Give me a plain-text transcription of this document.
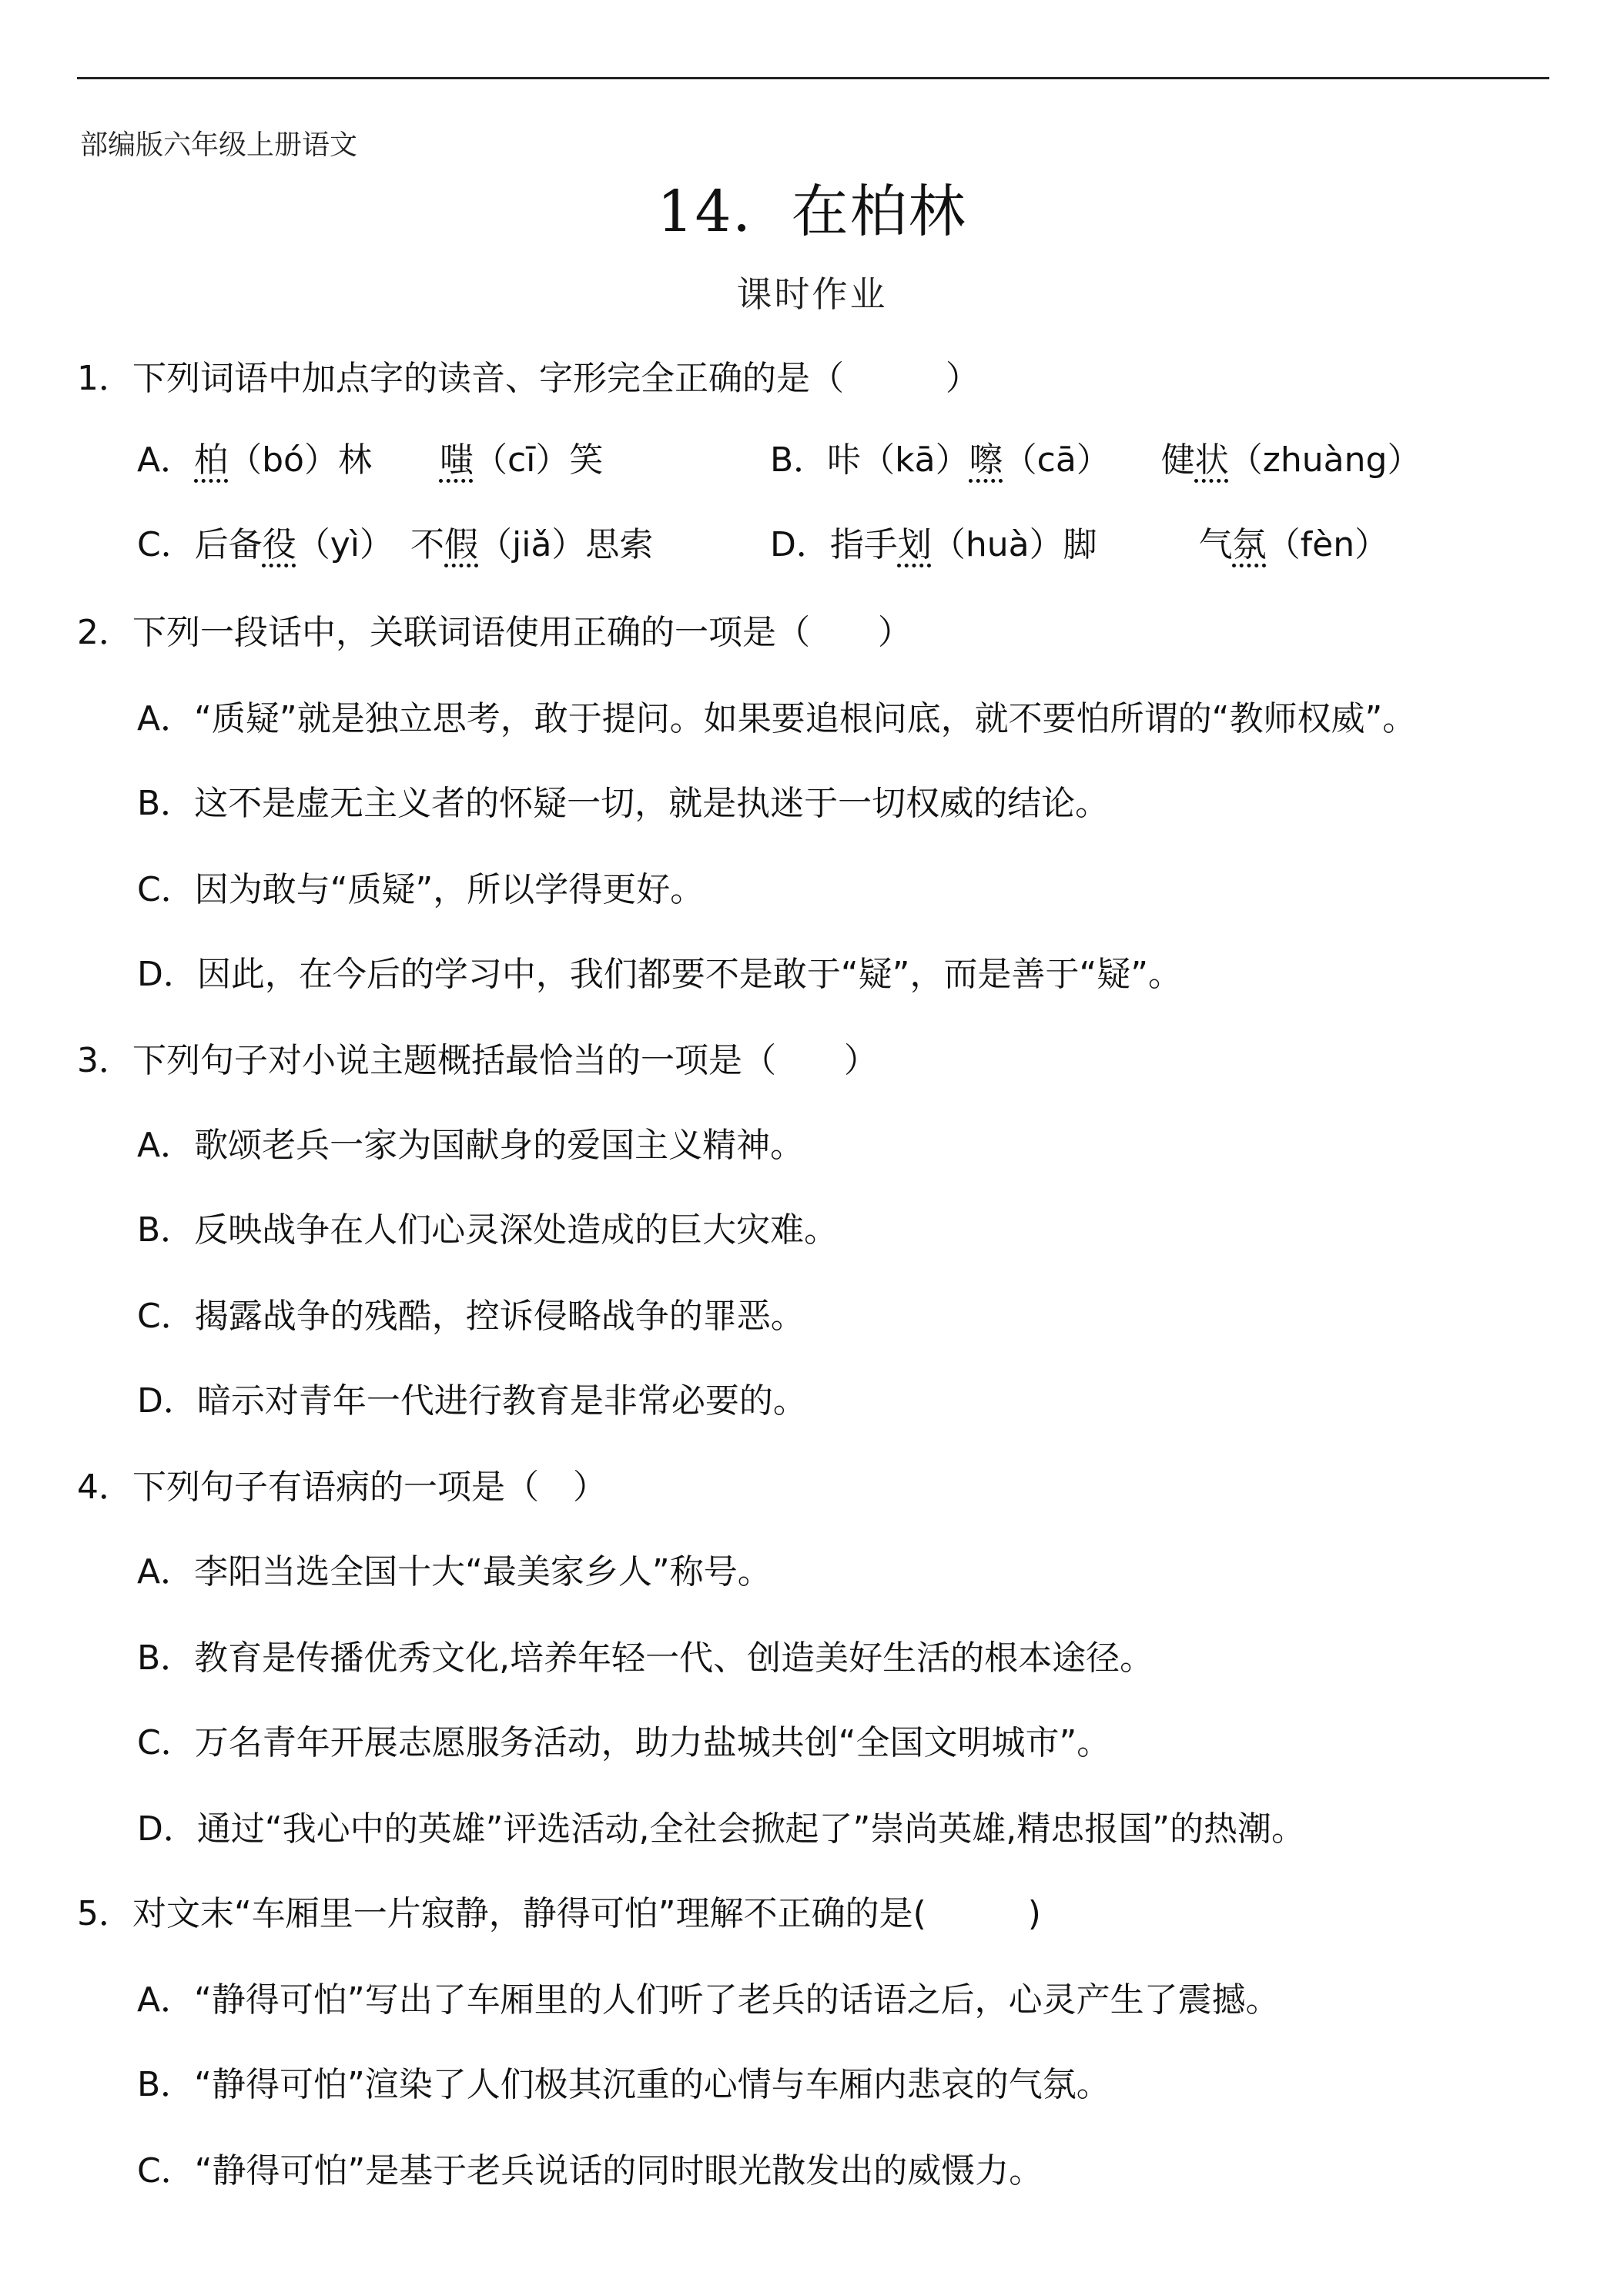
部编版六年级上册语文
14．在柏林
课时作业
1．下列词语中加点字的读音、字形完全正确的是（　　　）
A．柏（bó）林　　嗤（cī）笑	B．咔（kā）嚓（cā）　　健状（zhuàng）
C．后备役（yì）　不假（jiǎ）思索	D．指手划（huà）脚　　　气氛（fèn）
2．下列一段话中，关联词语使用正确的一项是（　　）
A．“质疑”就是独立思考，敢于提问。如果要追根问底，就不要怕所谓的“教师权威”。
B．这不是虚无主义者的怀疑一切，就是执迷于一切权威的结论。
C．因为敢与“质疑”，所以学得更好。
D．因此，在今后的学习中，我们都要不是敢于“疑”，而是善于“疑”。
3．下列句子对小说主题概括最恰当的一项是（　　）
A．歌颂老兵一家为国献身的爱国主义精神。
B．反映战争在人们心灵深处造成的巨大灾难。
C．揭露战争的残酷，控诉侵略战争的罪恶。
D．暗示对青年一代进行教育是非常必要的。
4．下列句子有语病的一项是（　）
A．李阳当选全国十大“最美家乡人”称号。
B．教育是传播优秀文化,培养年轻一代、创造美好生活的根本途径。
C．万名青年开展志愿服务活动，助力盐城共创“全国文明城市”。
D．通过“我心中的英雄”评选活动,全社会掀起了”崇尚英雄,精忠报国”的热潮。
5．对文末“车厢里一片寂静，静得可怕”理解不正确的是(　　　)
A．“静得可怕”写出了车厢里的人们听了老兵的话语之后，心灵产生了震撼。
B．“静得可怕”渲染了人们极其沉重的心情与车厢内悲哀的气氛。
C．“静得可怕”是基于老兵说话的同时眼光散发出的威慑力。
